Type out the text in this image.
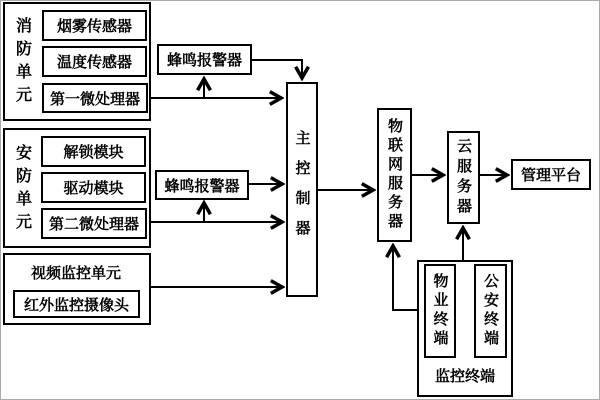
消防单元	烟雾传感器
温度传感器
第一微处理器
蜂鸣报警器
安防单元	解锁模块
驱动模块
第二微处理器
蜂鸣报警器
视频监控单元
红外监控摄像头
主控制器	物联网服务器	云服务器	管理平台
监控终端
物业终端	公安终端
